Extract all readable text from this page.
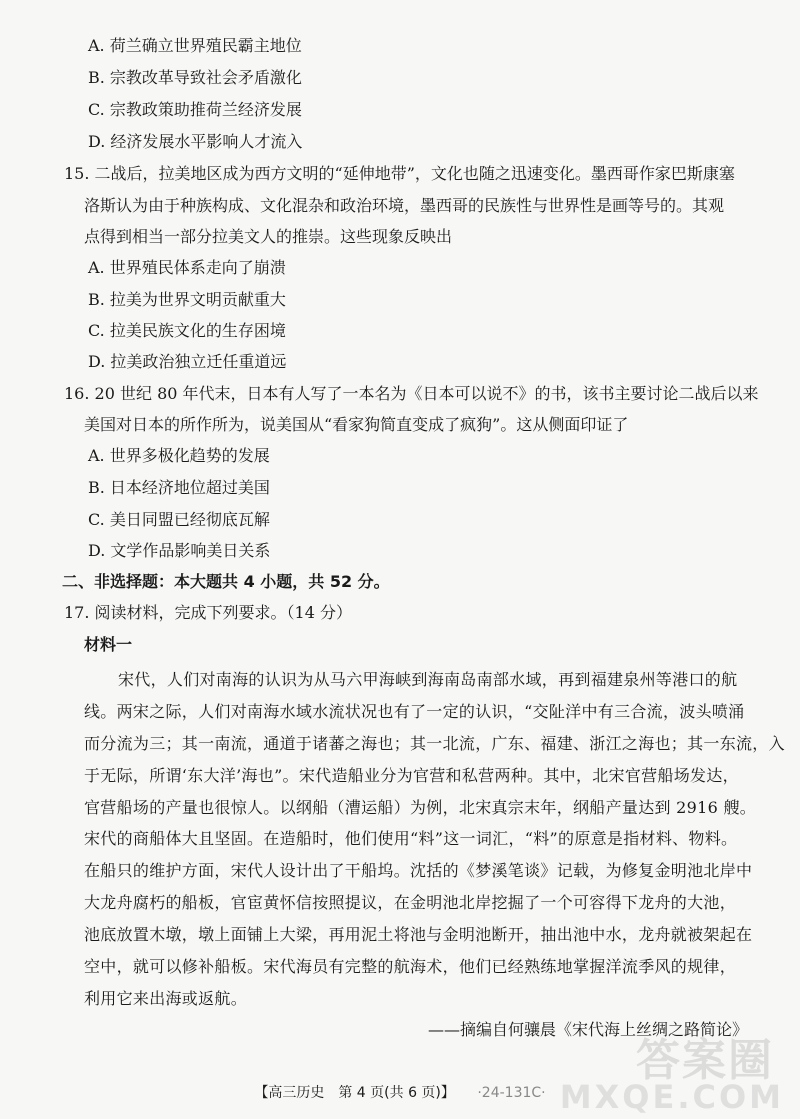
A. 荷兰确立世界殖民霸主地位
B. 宗教改革导致社会矛盾激化
C. 宗教政策助推荷兰经济发展
D. 经济发展水平影响人才流入
15. 二战后，拉美地区成为西方文明的“延伸地带”，文化也随之迅速变化。墨西哥作家巴斯康塞
洛斯认为由于种族构成、文化混杂和政治环境，墨西哥的民族性与世界性是画等号的。其观
点得到相当一部分拉美文人的推崇。这些现象反映出
A. 世界殖民体系走向了崩溃
B. 拉美为世界文明贡献重大
C. 拉美民族文化的生存困境
D. 拉美政治独立迁任重道远
16. 20 世纪 80 年代末，日本有人写了一本名为《日本可以说不》的书，该书主要讨论二战后以来
美国对日本的所作所为，说美国从“看家狗简直变成了疯狗”。这从侧面印证了
A. 世界多极化趋势的发展
B. 日本经济地位超过美国
C. 美日同盟已经彻底瓦解
D. 文学作品影响美日关系
二、非选择题：本大题共 4 小题，共 52 分。
17. 阅读材料，完成下列要求。（14 分）
材料一
宋代，人们对南海的认识为从马六甲海峡到海南岛南部水域，再到福建泉州等港口的航
线。两宋之际，人们对南海水域水流状况也有了一定的认识，“交阯洋中有三合流，波头喷涌
而分流为三；其一南流，通道于诸蕃之海也；其一北流，广东、福建、浙江之海也；其一东流，入
于无际，所谓‘东大洋’海也”。宋代造船业分为官营和私营两种。其中，北宋官营船场发达，
官营船场的产量也很惊人。以纲船（漕运船）为例，北宋真宗末年，纲船产量达到 2916 艘。
宋代的商船体大且坚固。在造船时，他们使用“料”这一词汇，“料”的原意是指材料、物料。
在船只的维护方面，宋代人设计出了干船坞。沈括的《梦溪笔谈》记载，为修复金明池北岸中
大龙舟腐朽的船板，官宦黄怀信按照提议，在金明池北岸挖掘了一个可容得下龙舟的大池，
池底放置木墩，墩上面铺上大梁，再用泥土将池与金明池断开，抽出池中水，龙舟就被架起在
空中，就可以修补船板。宋代海员有完整的航海术，他们已经熟练地掌握洋流季风的规律，
利用它来出海或返航。
——摘编自何骧晨《宋代海上丝绸之路简论》
【高三历史　第 4 页(共 6 页)】 ·24-131C·
答案圈
MXQE.COM
